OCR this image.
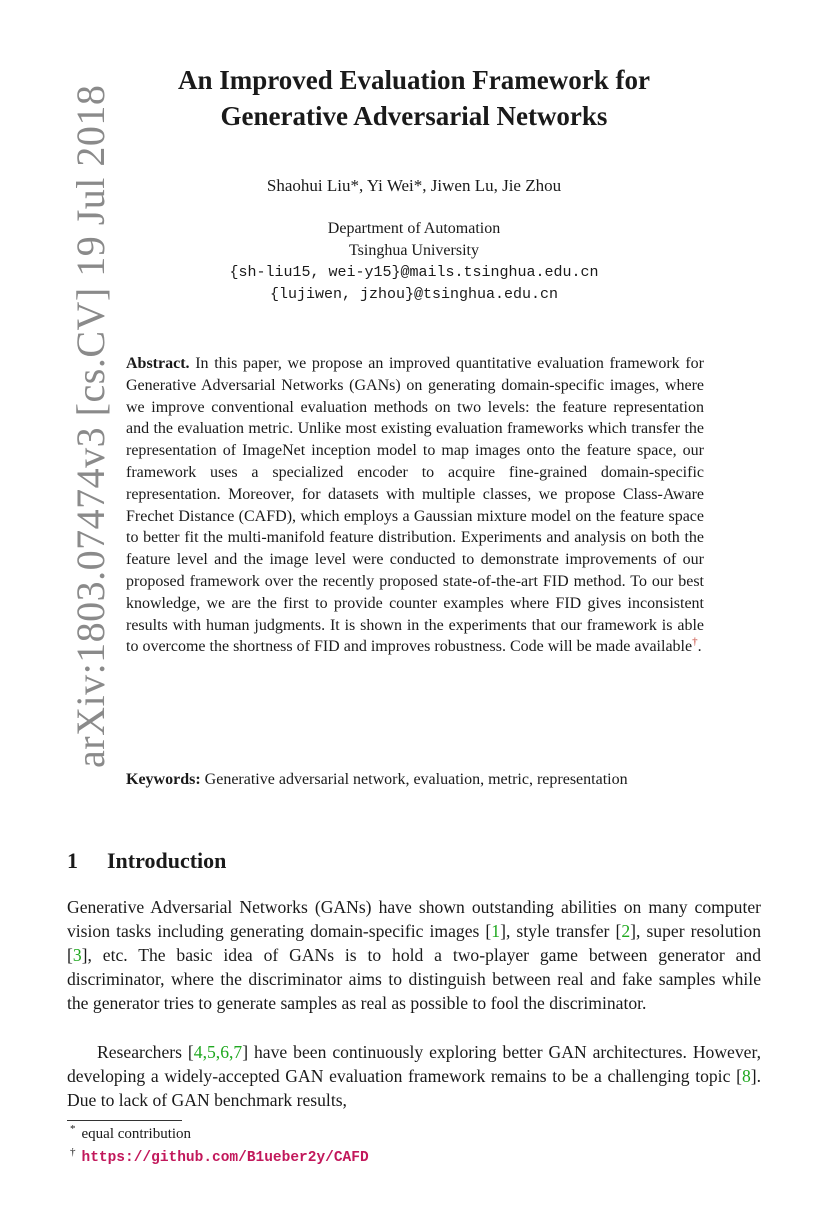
arXiv:1803.07474v3 [cs.CV] 19 Jul 2018
An Improved Evaluation Framework for
Generative Adversarial Networks
Shaohui Liu*, Yi Wei*, Jiwen Lu, Jie Zhou
Department of Automation
Tsinghua University
{sh-liu15, wei-y15}@mails.tsinghua.edu.cn
{lujiwen, jzhou}@tsinghua.edu.cn
Abstract. In this paper, we propose an improved quantitative evaluation framework for Generative Adversarial Networks (GANs) on generating domain-specific images, where we improve conventional evaluation methods on two levels: the feature representation and the evaluation metric. Unlike most existing evaluation frameworks which transfer the representation of ImageNet inception model to map images onto the feature space, our framework uses a specialized encoder to acquire fine-grained domain-specific representation. Moreover, for datasets with multiple classes, we propose Class-Aware Frechet Distance (CAFD), which employs a Gaussian mixture model on the feature space to better fit the multi-manifold feature distribution. Experiments and analysis on both the feature level and the image level were conducted to demonstrate improvements of our proposed framework over the recently proposed state-of-the-art FID method. To our best knowledge, we are the first to provide counter examples where FID gives inconsistent results with human judgments. It is shown in the experiments that our framework is able to overcome the shortness of FID and improves robustness. Code will be made available†.
Keywords: Generative adversarial network, evaluation, metric, representation
1 Introduction
Generative Adversarial Networks (GANs) have shown outstanding abilities on many computer vision tasks including generating domain-specific images [1], style transfer [2], super resolution [3], etc. The basic idea of GANs is to hold a two-player game between generator and discriminator, where the discriminator aims to distinguish between real and fake samples while the generator tries to generate samples as real as possible to fool the discriminator.
Researchers [4,5,6,7] have been continuously exploring better GAN architectures. However, developing a widely-accepted GAN evaluation framework remains to be a challenging topic [8]. Due to lack of GAN benchmark results,
* equal contribution
† https://github.com/B1ueber2y/CAFD
